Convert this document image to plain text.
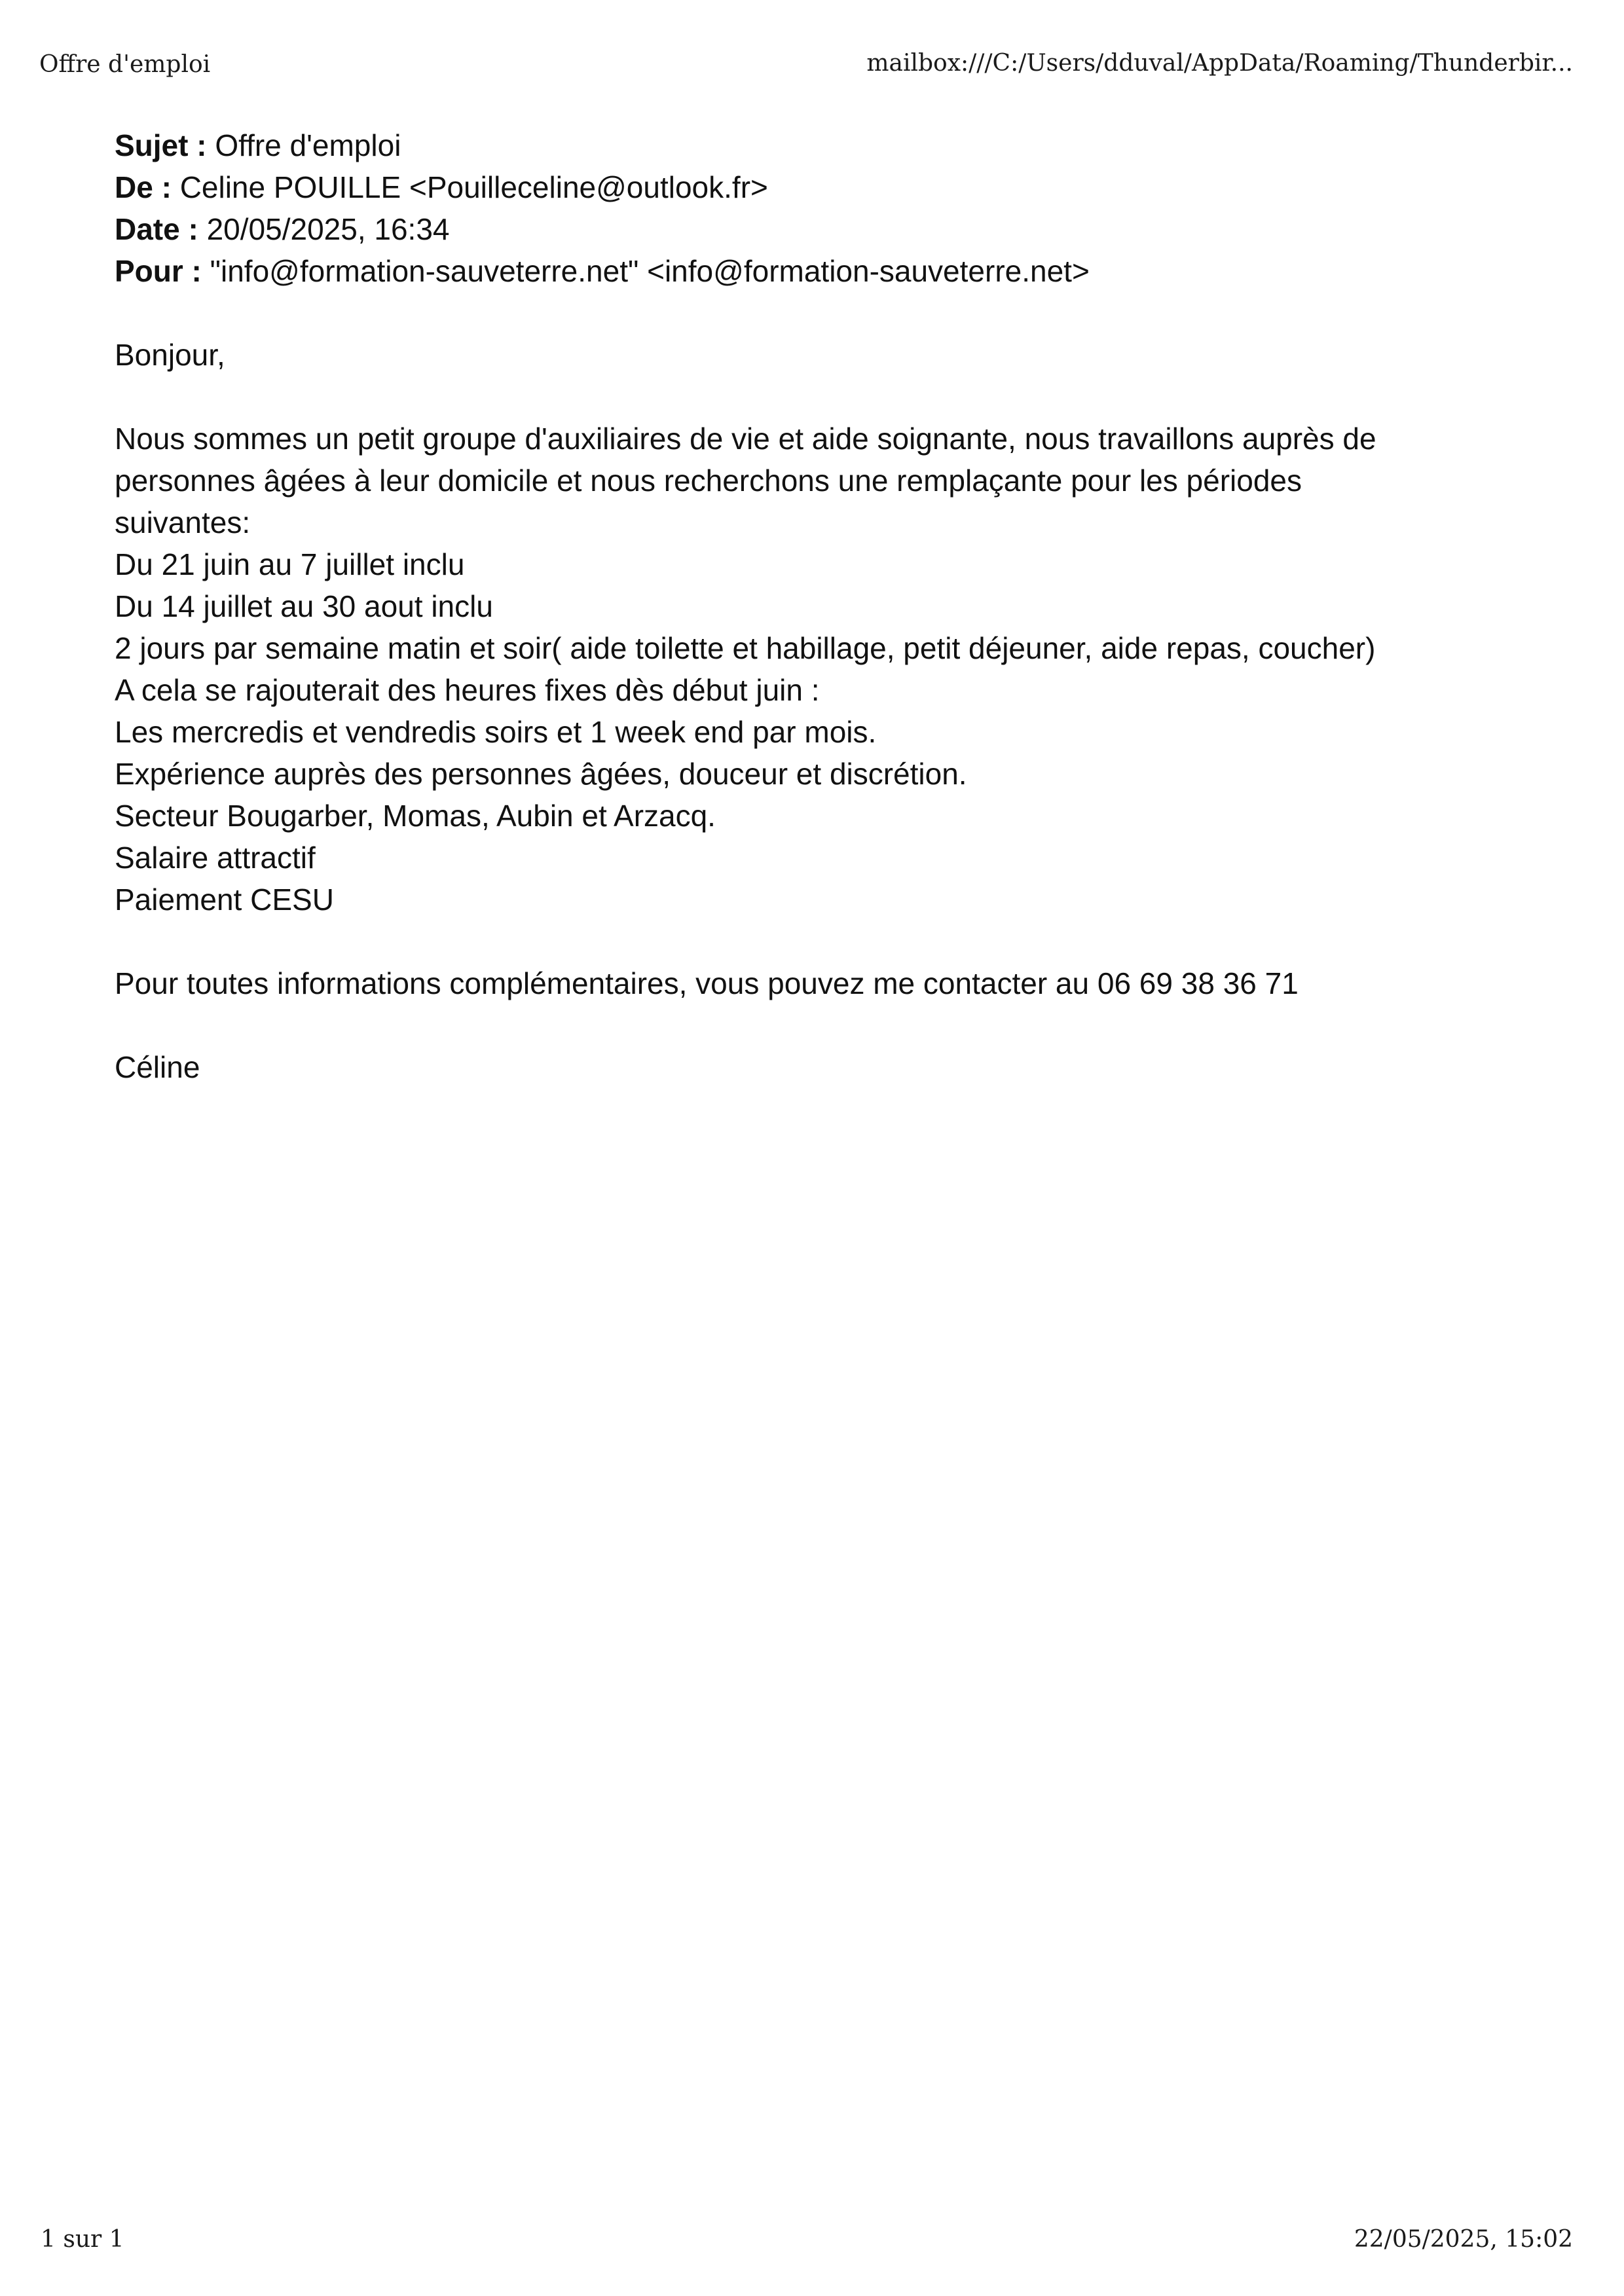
Offre d'emploi	mailbox:///C:/Users/dduval/AppData/Roaming/Thunderbir...
Sujet : Offre d'emploi
De : Celine POUILLE <Pouilleceline@outlook.fr>
Date : 20/05/2025, 16:34
Pour : "info@formation-sauveterre.net" <info@formation-sauveterre.net>

Bonjour,

Nous sommes un petit groupe d'auxiliaires de vie et aide soignante, nous travaillons auprès de

personnes âgées à leur domicile et nous recherchons une remplaçante pour les périodes

suivantes:

Du 21 juin au 7 juillet inclu

Du 14 juillet au 30 aout inclu

2 jours par semaine matin et soir( aide toilette et habillage, petit déjeuner, aide repas, coucher)

A cela se rajouterait des heures fixes dès début juin :

Les mercredis et vendredis soirs et 1 week end par mois.

Expérience auprès des personnes âgées, douceur et discrétion.

Secteur Bougarber, Momas, Aubin et Arzacq.

Salaire attractif

Paiement CESU

Pour toutes informations complémentaires, vous pouvez me contacter au 06 69 38 36 71

Céline

1 sur 1	22/05/2025, 15:02
